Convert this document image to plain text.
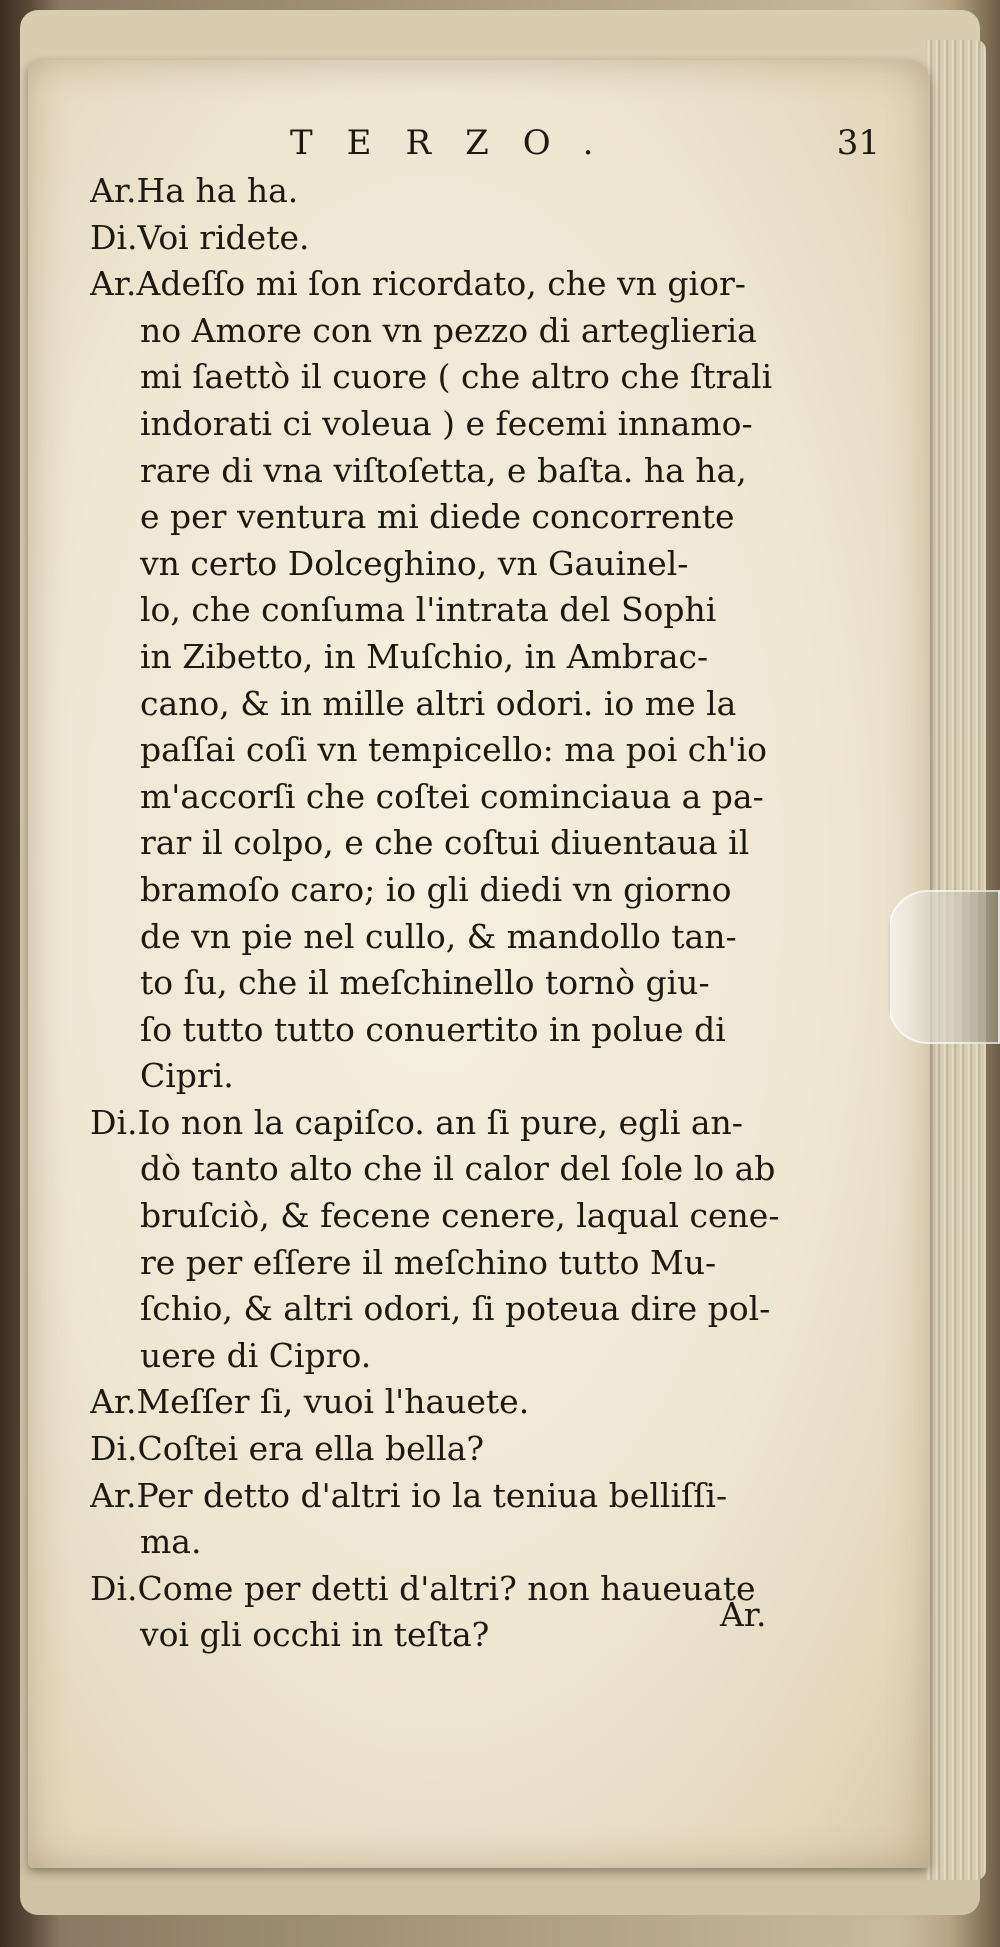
TERZO.	31
Ar.Ha ha ha.
Di.Voi ridete.
Ar.Adeſſo mi ſon ricordato, che vn gior-
no Amore con vn pezzo di arteglieria
mi ſaettò il cuore ( che altro che ſtrali
indorati ci voleua ) e fecemi innamo-
rare di vna viſtoſetta, e baſta. ha ha,
e per ventura mi diede concorrente
vn certo Dolceghino, vn Gauinel-
lo, che conſuma l'intrata del Sophi
in Zibetto, in Muſchio, in Ambrac-
cano, & in mille altri odori. io me la
paſſai coſi vn tempicello: ma poi ch'io
m'accorſi che coſtei cominciaua a pa-
rar il colpo, e che coſtui diuentaua il
bramoſo caro; io gli diedi vn giorno
de vn pie nel cullo, & mandollo tan-
to ſu, che il meſchinello tornò giu-
ſo tutto tutto conuertito in polue di
Cipri.
Di.Io non la capiſco. an ſi pure, egli an-
dò tanto alto che il calor del ſole lo ab
bruſciò, & fecene cenere, laqual cene-
re per eſſere il meſchino tutto Mu-
ſchio, & altri odori, ſi poteua dire pol-
uere di Cipro.
Ar.Meſſer ſi, vuoi l'hauete.
Di.Coſtei era ella bella?
Ar.Per detto d'altri io la teniua belliſſi-
ma.
Di.Come per detti d'altri? non haueuate
voi gli occhi in teſta?
Ar.
